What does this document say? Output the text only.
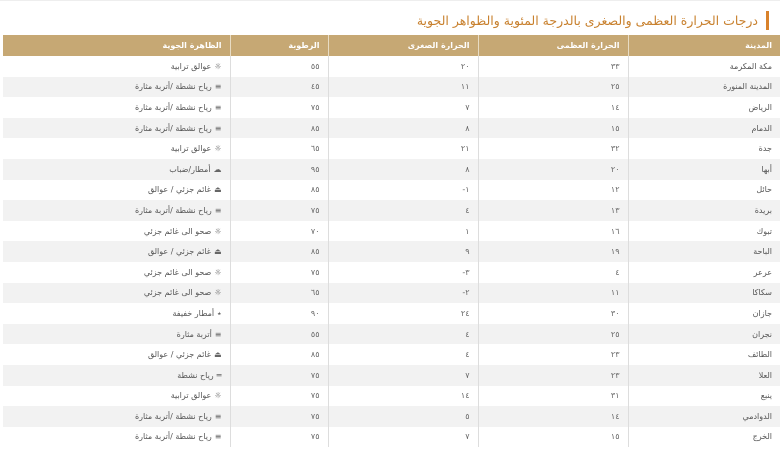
درجات الحرارة العظمى والصغرى بالدرجة المئوية والظواهر الجوية
المدينة	الحرارة العظمى	الحرارة الصغرى	الرطوبة	الظاهرة الجوية
مكة المكرمة	٣٣	٢٠	٥٥	☼عوالق ترابية
المدينة المنورة	٢٥	١١	٤٥	≡رياح نشطة /أتربة مثارة
الرياض	١٤	٧	٧٥	≡رياح نشطة /أتربة مثارة
الدمام	١٥	٨	٨٥	≡رياح نشطة /أتربة مثارة
جدة	٣٢	٢١	٦٥	☼عوالق ترابية
أبها	٢٠	٨	٩٥	☁أمطار/ضباب
حائل	١٢	١-	٨٥	⏏غائم جزئي / عوالق
بريدة	١٣	٤	٧٥	≡رياح نشطة /أتربة مثارة
تبوك	١٦	١	٧٠	☼صحو الى غائم جزئي
الباحة	١٩	٩	٨٥	⏏غائم جزئي / عوالق
عرعر	٤	٣-	٧٥	☼صحو الى غائم جزئي
سكاكا	١١	٢-	٦٥	☼صحو الى غائم جزئي
جازان	٣٠	٢٤	٩٠	٭أمطار خفيفة
نجران	٢٥	٤	٥٥	≡أتربة مثارة
الطائف	٢٣	٤	٨٥	⏏غائم جزئي / عوالق
العلا	٢٣	٧	٧٥	═رياح نشطة
ينبع	٣١	١٤	٧٥	☼عوالق ترابية
الدوادمي	١٤	٥	٧٥	≡رياح نشطة /أتربة مثارة
الخرج	١٥	٧	٧٥	≡رياح نشطة /أتربة مثارة
